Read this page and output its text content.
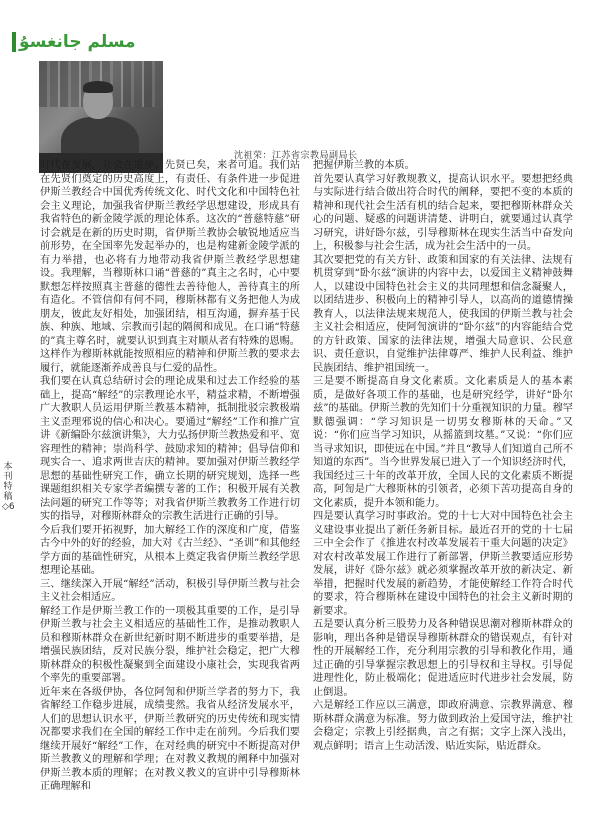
مسلم جانغسۇ
沈祖荣：江苏省宗教局副局长
本刊特稿 ◇6

时代在发展，社会在进步。先贤已矣，来者可追。我们站在先贤们奠定的历史高度上，有责任、有条件进一步促进伊斯兰教经合中国优秀传统文化、时代文化和中国特色社会主义理论，加强我省伊斯兰教经学思想建设，形成具有我省特色的新金陵学派的理论体系。这次的“普慈特慈”研讨会就是在新的历史时期，省伊斯兰教协会敏锐地适应当前形势，在全国率先发起举办的，也是构建新金陵学派的有力举措，也必将有力地带动我省伊斯兰教经学思想建设。我理解，当穆斯林口诵“普慈的”真主之名时，心中要默想怎样按照真主普慈的德性去善待他人，善待真主的所有造化。不管信仰有何不同，穆斯林都有义务把他人为成朋友，彼此友好相处，加强团结，相互沟通，摒弃基于民族、种族、地域、宗教而引起的隔阂和成见。在口诵“特慈的”真主尊名时，就要认识到真主对顺从者有特殊的恩赐。这样作为穆斯林就能按照相应的精神和伊斯兰教的要求去履行，就能逐渐养成善良与仁爱的品性。

我们要在认真总结研讨会的理论成果和过去工作经验的基础上，提高“解经”的宗教理论水平，精益求精，不断增强广大教职人员运用伊斯兰教基本精神，抵制批驳宗教极端主义歪理邪说的信心和决心。要通过“解经”工作和推广宣讲《新编卧尔兹演讲集》，大力弘扬伊斯兰教热爱和平、宽容理性的精神；崇尚科学、鼓励求知的精神；倡导信仰和现实合一、追求两世吉庆的精神。要加强对伊斯兰教经学思想的基础性研究工作，确立长期的研究规划，选择一些课题组织相关专家学者编撰专著的工作；积极开展有关教法问题的研究工作等等；对我省伊斯兰教教务工作进行切实的指导，对穆斯林群众的宗教生活进行正确的引导。

今后我们要开拓视野，加大解经工作的深度和广度，借鉴古今中外的好的经验，加大对《古兰经》、“圣训”和其他经学方面的基础性研究，从根本上奠定我省伊斯兰教经学思想理论基础。

三、继续深入开展“解经”活动，积极引导伊斯兰教与社会主义社会相适应。

解经工作是伊斯兰教工作的一项极其重要的工作，是引导伊斯兰教与社会主义相适应的基础性工作，是推动教职人员和穆斯林群众在新世纪新时期不断进步的重要举措，是增强民族团结，反对民族分裂，维护社会稳定，把广大穆斯林群众的积极性凝聚到全面建设小康社会，实现我省两个率先的重要部署。

近年来在各级伊协，各位阿訇和伊斯兰学者的努力下，我省解经工作稳步进展，成绩斐然。我省从经济发展水平，人们的思想认识水平，伊斯兰教研究的历史传统和现实情况都要求我们在全国的解经工作中走在前列。今后我们要继续开展好“解经”工作，在对经典的研究中不断提高对伊斯兰教教义的理解和学理；在对教义教规的阐释中加强对伊斯兰教本质的理解；在对教义教义的宣讲中引导穆斯林正确理解和

把握伊斯兰教的本质。

首先要认真学习好教规教义，提高认识水平。要想把经典与实际进行结合做出符合时代的阐释，要把不变的本质的精神和现代社会生活有机的结合起来，要把穆斯林群众关心的问题、疑惑的问题讲清楚、讲明白，就要通过认真学习研究，讲好卧尔兹，引导穆斯林在现实生活当中奋发向上，积极参与社会生活，成为社会生活中的一员。

其次要把党的有关方针、政策和国家的有关法律、法规有机贯穿到“卧尔兹”演讲的内容中去，以爱国主义精神鼓舞人，以建设中国特色社会主义的共同理想和信念凝聚人，以团结进步、积极向上的精神引导人，以高尚的道德情操教育人，以法律法规来规范人，使我国的伊斯兰教与社会主义社会相适应，使阿訇演讲的“卧尔兹”的内容能结合党的方针政策、国家的法律法规，增强大局意识、公民意识、责任意识，自觉维护法律尊严、维护人民利益、维护民族团结、维护祖国统一。

三是要不断提高自身文化素质。文化素质是人的基本素质，是做好各项工作的基础，也是研究经学，讲好“卧尔兹”的基础。伊斯兰教的先知们十分重视知识的力量。穆罕默德强调：“学习知识是一切男女穆斯林的天命。”又说：“你们应当学习知识，从摇篮到坟墓。”又说：“你们应当寻求知识，即使远在中国。”并且“教导人们知道自己所不知道的东西”。当今世界发展已进入了一个知识经济时代，我国经过三十年的改革开放，全国人民的文化素质不断提高，阿訇是广大穆斯林的引领者，必须下苦功提高自身的文化素质，提升本领和能力。

四是要认真学习时事政治。党的十七大对中国特色社会主义建设事业提出了新任务新目标。最近召开的党的十七届三中全会作了《推进农村改革发展若干重大问题的决定》对农村改革发展工作进行了新部署，伊斯兰教要适应形势发展，讲好《卧尔兹》就必须掌握改革开放的新决定、新举措，把握时代发展的新趋势，才能使解经工作符合时代的要求，符合穆斯林在建设中国特色的社会主义新时期的新要求。

五是要认真分析三股势力及各种错误思潮对穆斯林群众的影响，理出各种是错误导穆斯林群众的错误观点，有针对性的开展解经工作，充分利用宗教的引导和教化作用，通过正确的引导掌握宗教思想上的引导权和主导权。引导促进理性化，防止极端化；促进适应时代进步社会发展，防止倒退。

六是解经工作应以三满意，即政府满意、宗教界满意、穆斯林群众满意为标准。努力做到政治上爱国守法，维护社会稳定；宗教上引经据典，言之有据；文字上深入浅出，观点鲜明；语言上生动活泼、贴近实际，贴近群众。
